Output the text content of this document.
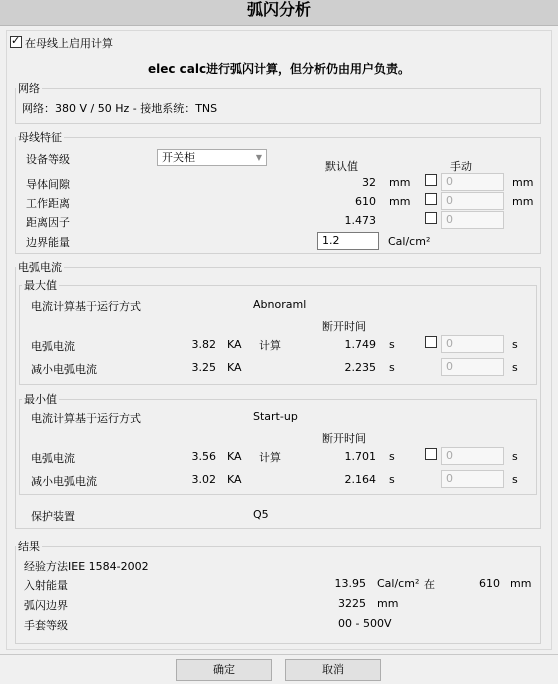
弧闪分析
✓
在母线上启用计算
elec calc进行弧闪计算，但分析仍由用户负责。
网络
网络：380 V / 50 Hz - 接地系统：TNS
母线特征
设备等级	开关柜	▼
默认值	手动
导体间隙	32 mm	0	mm
工作距离	610 mm	0	mm
距离因子	1.473	0
边界能量	1.2	Cal/cm²
电弧电流
最大值
电流计算基于运行方式	Abnoraml
断开时间
电弧电流	3.82 KA 计算	1.749 s	0	s
减小电弧电流	3.25 KA	2.235 s	0	s
最小值
电流计算基于运行方式	Start-up
断开时间
电弧电流	3.56 KA 计算	1.701 s	0	s
减小电弧电流	3.02 KA	2.164 s	0	s
保护装置	Q5
结果
经验方法IEE 1584-2002
入射能量	13.95 Cal/cm² 在	610 mm
弧闪边界	3225 mm
手套等级	00 - 500V
确定	取消
